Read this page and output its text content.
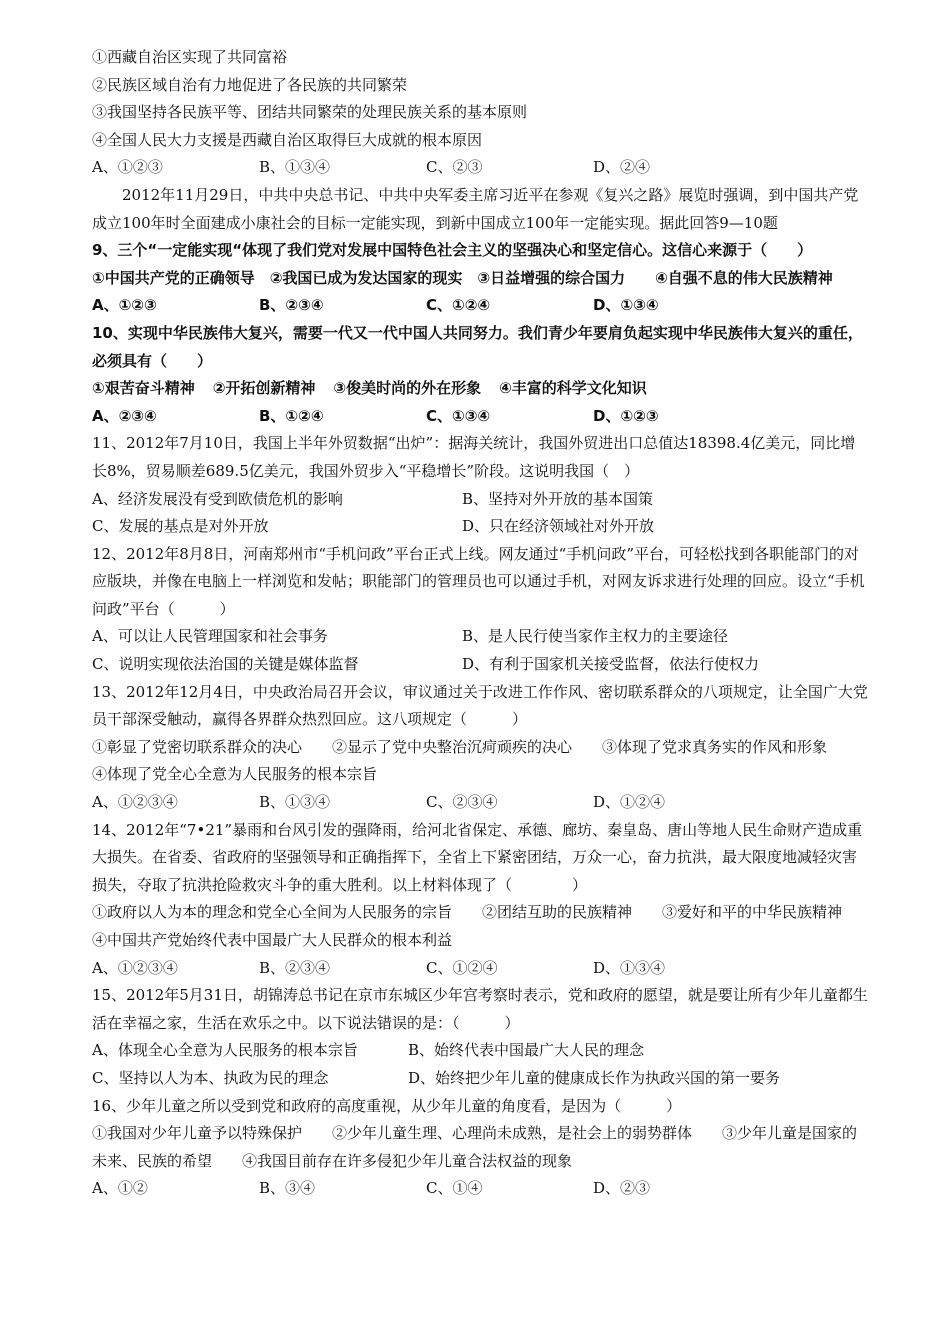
①西藏自治区实现了共同富裕
②民族区域自治有力地促进了各民族的共同繁荣
③我国坚持各民族平等、团结共同繁荣的处理民族关系的基本原则
④全国人民大力支援是西藏自治区取得巨大成就的根本原因
A、①②③	B、①③④	C、②③	D、②④
2012年11月29日，中共中央总书记、中共中央军委主席习近平在参观《复兴之路》展览时强调，到中国共产党成立100年时全面建成小康社会的目标一定能实现，到新中国成立100年一定能实现。据此回答9—10题
9、三个“一定能实现“体现了我们党对发展中国特色社会主义的坚强决心和坚定信心。这信心来源于（　　）
①中国共产党的正确领导　②我国已成为发达国家的现实　③日益增强的综合国力　　④自强不息的伟大民族精神
A、①②③	B、②③④	C、①②④	D、①③④
10、实现中华民族伟大复兴，需要一代又一代中国人共同努力。我们青少年要肩负起实现中华民族伟大复兴的重任，必须具有（　　）
①艰苦奋斗精神 ②开拓创新精神 ③俊美时尚的外在形象 ④丰富的科学文化知识
A、②③④	B、①②④	C、①③④	D、①②③
11、2012年7月10日，我国上半年外贸数据“出炉”：据海关统计，我国外贸进出口总值达18398.4亿美元，同比增长8%，贸易顺差689.5亿美元，我国外贸步入“平稳增长”阶段。这说明我国（　）
A、经济发展没有受到欧债危机的影响	B、坚持对外开放的基本国策
C、发展的基点是对外开放	D、只在经济领域社对外开放
12、2012年8月8日，河南郑州市“手机问政”平台正式上线。网友通过“手机问政”平台，可轻松找到各职能部门的对应版块，并像在电脑上一样浏览和发帖；职能部门的管理员也可以通过手机，对网友诉求进行处理的回应。设立“手机问政”平台（　　　）
A、可以让人民管理国家和社会事务	B、是人民行使当家作主权力的主要途径
C、说明实现依法治国的关键是媒体监督	D、有利于国家机关接受监督，依法行使权力
13、2012年12月4日，中央政治局召开会议，审议通过关于改进工作作风、密切联系群众的八项规定，让全国广大党员干部深受触动，赢得各界群众热烈回应。这八项规定（　　　）
①彰显了党密切联系群众的决心　　②显示了党中央整治沉疴顽疾的决心　　③体现了党求真务实的作风和形象　　④体现了党全心全意为人民服务的根本宗旨
A、①②③④	B、①③④	C、②③④	D、①②④
14、2012年“7•21”暴雨和台风引发的强降雨，给河北省保定、承德、廊坊、秦皇岛、唐山等地人民生命财产造成重大损失。在省委、省政府的坚强领导和正确指挥下，全省上下紧密团结，万众一心，奋力抗洪，最大限度地减轻灾害损失，夺取了抗洪抢险救灾斗争的重大胜利。以上材料体现了（　　　　）
①政府以人为本的理念和党全心全间为人民服务的宗旨　　②团结互助的民族精神　　③爱好和平的中华民族精神　④中国共产党始终代表中国最广大人民群众的根本利益
A、①②③④	B、②③④	C、①②④	D、①③④
15、2012年5月31日，胡锦涛总书记在京市东城区少年宫考察时表示，党和政府的愿望，就是要让所有少年儿童都生活在幸福之家，生活在欢乐之中。以下说法错误的是：（　　　）
A、体现全心全意为人民服务的根本宗旨	B、始终代表中国最广大人民的理念
C、坚持以人为本、执政为民的理念	D、始终把少年儿童的健康成长作为执政兴国的第一要务
16、少年儿童之所以受到党和政府的高度重视，从少年儿童的角度看，是因为（　　　）
①我国对少年儿童予以特殊保护　　②少年儿童生理、心理尚未成熟，是社会上的弱势群体　　③少年儿童是国家的未来、民族的希望　　④我国目前存在许多侵犯少年儿童合法权益的现象
A、①②	B、③④	C、①④	D、②③
